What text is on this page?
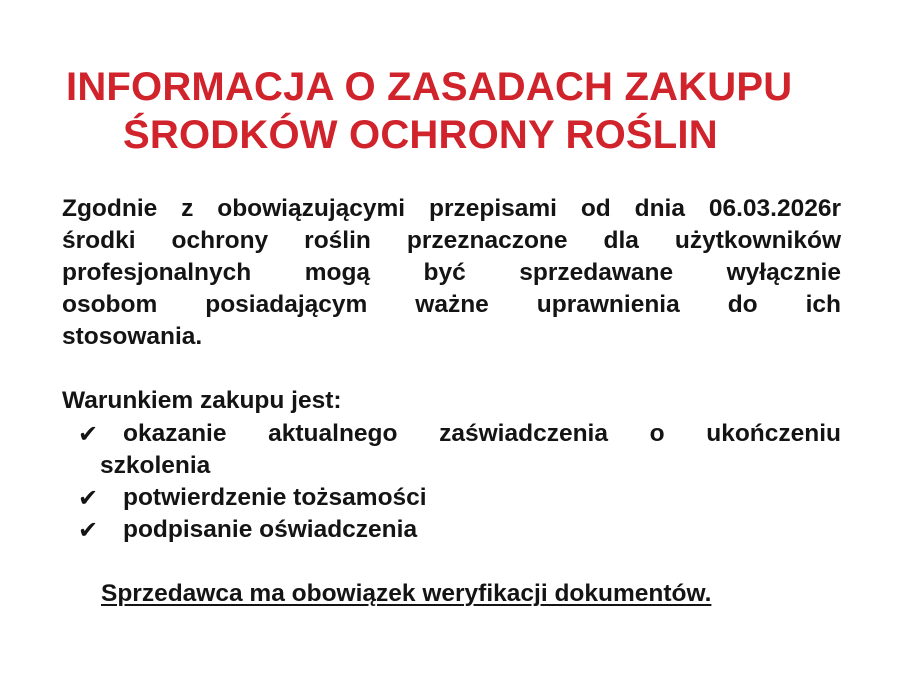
INFORMACJA O ZASADACH ZAKUPU
ŚRODKÓW OCHRONY ROŚLIN
Zgodnie z obowiązującymi przepisami od dnia 06.03.2026r
środki ochrony roślin przeznaczone dla użytkowników
profesjonalnych mogą być sprzedawane wyłącznie
osobom posiadającym ważne uprawnienia do ich
stosowania.
Warunkiem zakupu jest:
✔ okazanie aktualnego zaświadczenia o ukończeniu
szkolenia
✔ potwierdzenie tożsamości
✔ podpisanie oświadczenia
Sprzedawca ma obowiązek weryfikacji dokumentów.
